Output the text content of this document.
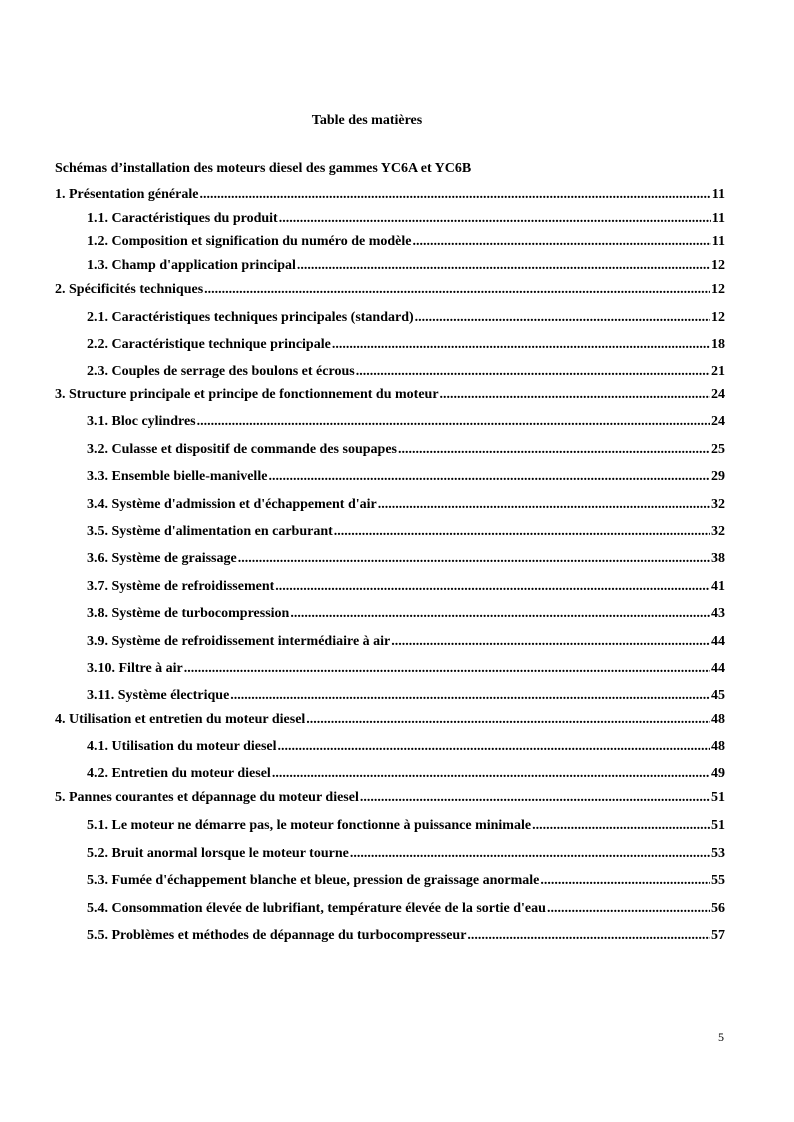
Table des matières
Schémas d’installation des moteurs diesel des gammes YC6A et YC6B
1. Présentation générale .....	11
1.1. Caractéristiques du produit .....	11
1.2. Composition et signification du numéro de modèle .....	11
1.3. Champ d'application principal .....	12
2. Spécificités techniques .....	12
2.1. Caractéristiques techniques principales (standard) .....	12
2.2. Caractéristique technique principale .....	18
2.3. Couples de serrage des boulons et écrous .....	21
3. Structure principale et principe de fonctionnement du moteur .....	24
3.1. Bloc cylindres .....	24
3.2. Culasse et dispositif de commande des soupapes .....	25
3.3. Ensemble bielle-manivelle .....	29
3.4. Système d'admission et d'échappement d'air .....	32
3.5. Système d'alimentation en carburant .....	32
3.6. Système de graissage .....	38
3.7. Système de refroidissement .....	41
3.8. Système de turbocompression .....	43
3.9. Système de refroidissement intermédiaire à air .....	44
3.10. Filtre à air .....	44
3.11. Système électrique .....	45
4. Utilisation et entretien du moteur diesel .....	48
4.1. Utilisation du moteur diesel .....	48
4.2. Entretien du moteur diesel .....	49
5. Pannes courantes et dépannage du moteur diesel .....	51
5.1. Le moteur ne démarre pas, le moteur fonctionne à puissance minimale .....	51
5.2. Bruit anormal lorsque le moteur tourne .....	53
5.3. Fumée d'échappement blanche et bleue, pression de graissage anormale .....	55
5.4. Consommation élevée de lubrifiant, température élevée de la sortie d'eau .....	56
5.5. Problèmes et méthodes de dépannage du turbocompresseur .....	57
5
